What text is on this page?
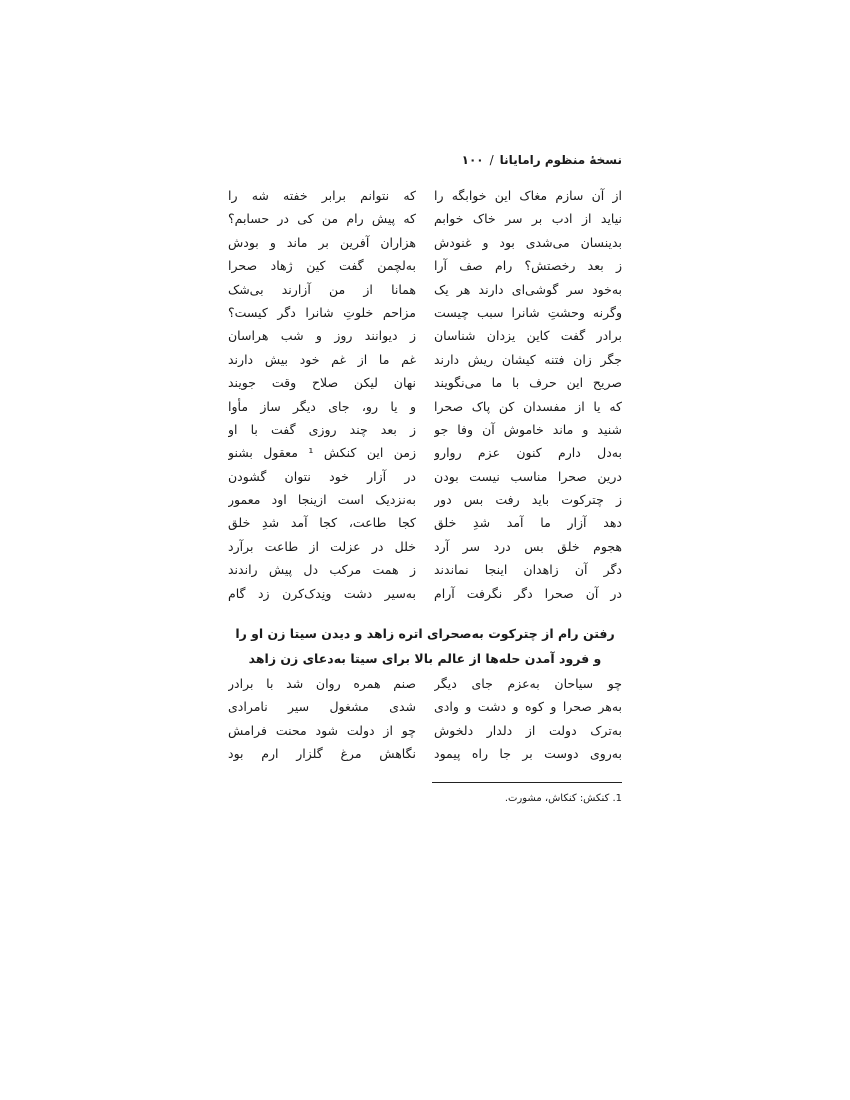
نسخهٔ منظوم رامایانا/۱۰۰
از آن سازم مغاک این خوابگه را
که نتوانم برابر خفته شه را
نیاید از ادب بر سر خاک خوابم
که پیش رام من کی در حسابم؟
بدینسان می‌شدی بود و غنودش
هزاران آفرین بر ماند و بودش
ز بعد رخصتش؟ رام صف آرا
به‌لچمن گفت کین ژهاد صحرا
به‌خود سر گوشی‌ای دارند هر یک
همانا از من آزارند بی‌شک
وگرنه وحشتِ شانرا سبب چیست
مزاحم خلوتِ شانرا دگر کیست؟
برادر گفت کاین یزدان شناسان
ز دیوانند روز و شب هراسان
جگر زان فتنه کیشان ریش دارند
غم ما از غم خود بیش دارند
صریح این حرف با ما می‌نگویند
نهان لیکن صلاح وقت جویند
که یا از مفسدان کن پاک صحرا
و یا رو، جای دیگر ساز مأوا
شنید و ماند خاموش آن وفا جو
ز بعد چند روزی گفت با او
به‌دل دارم کنون عزم روارو
زمن این کنکش ¹ معقول بشنو
درین صحرا مناسب نیست بودن
در آزار خود نتوان گشودن
ز چترکوت باید رفت بس دور
به‌نزدیک است ازینجا اود معمور
دهد آزار ما آمد شدِ خلق
کجا طاعت، کجا آمد شدِ خلق
هجوم خلق بس درد سر آرد
خلل در عزلت از طاعت برآرد
دگر آن زاهدان اینجا نماندند
ز همت مرکب دل پیش راندند
در آن صحرا دگر نگرفت آرام
به‌سیر دشت ونِدک‌کرن زد گام
رفتن رام از چترکوت به‌صحرای اتره زاهد و دیدن سیتا زن او را
و فرود آمدن حله‌ها از عالم بالا برای سیتا به‌دعای زن زاهد
چو سیاحان به‌عزم جای دیگر
صنم همره روان شد با برادر
به‌هر صحرا و کوه و دشت و وادی
شدی مشغول سیر نامرادی
به‌ترک دولت از دلدار دلخوش
چو از دولت شود محنت فرامش
به‌روی دوست بر جا راه پیمود
نگاهش مرغ گلزار ارم بود
1. کنکش: کنکاش، مشورت.
